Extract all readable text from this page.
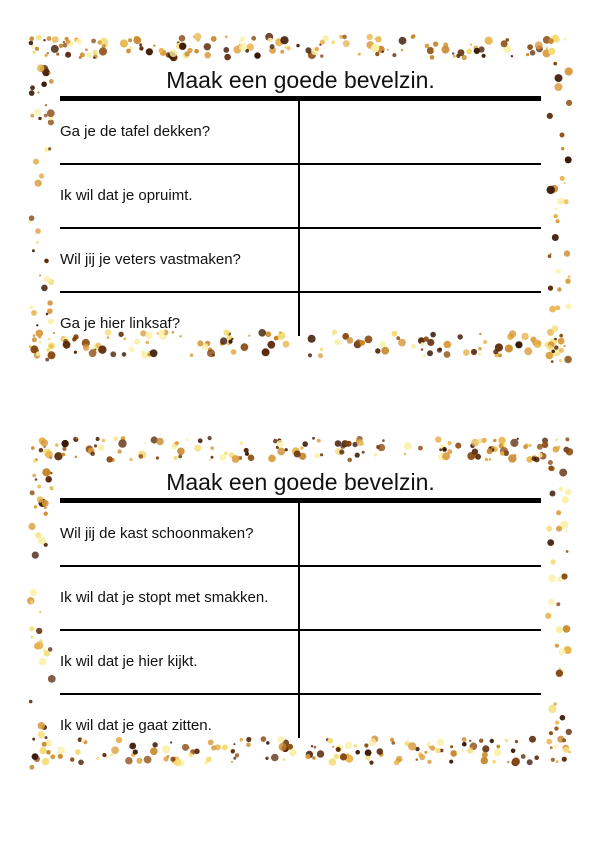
Maak een goede bevelzin.
Ga je de tafel dekken?
Ik wil dat je opruimt.
Wil jij je veters vastmaken?
Ga je hier linksaf?
Maak een goede bevelzin.
Wil jij de kast schoonmaken?
Ik wil dat je stopt met smakken.
Ik wil dat je hier kijkt.
Ik wil dat je gaat zitten.
